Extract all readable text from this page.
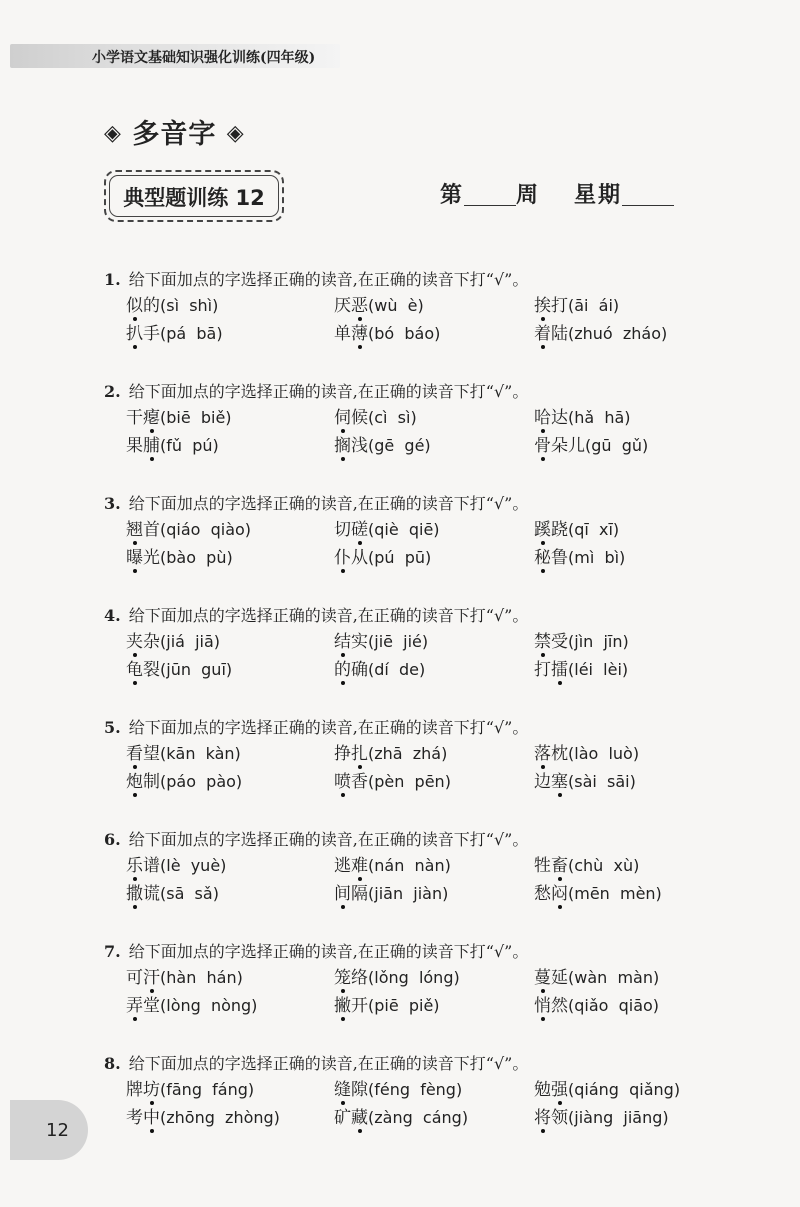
小学语文基础知识强化训练(四年级)
◈ 多音字 ◈
典型题训练 12	第 周 星期
1. 给下面加点的字选择正确的读音,在正确的读音下打“√”。
似的(sì  shì)	厌恶(wù  è)	挨打(āi  ái)
扒手(pá  bā)	单薄(bó  báo)	着陆(zhuó  zháo)
2. 给下面加点的字选择正确的读音,在正确的读音下打“√”。
干瘪(biē  biě)	伺候(cì  sì)	哈达(hǎ  hā)
果脯(fǔ  pú)	搁浅(gē  gé)	骨朵儿(gū  gǔ)
3. 给下面加点的字选择正确的读音,在正确的读音下打“√”。
翘首(qiáo  qiào)	切磋(qiè  qiē)	蹊跷(qī  xī)
曝光(bào  pù)	仆从(pú  pū)	秘鲁(mì  bì)
4. 给下面加点的字选择正确的读音,在正确的读音下打“√”。
夹杂(jiá  jiā)	结实(jiē  jié)	禁受(jìn  jīn)
龟裂(jūn  guī)	的确(dí  de)	打擂(léi  lèi)
5. 给下面加点的字选择正确的读音,在正确的读音下打“√”。
看望(kān  kàn)	挣扎(zhā  zhá)	落枕(lào  luò)
炮制(páo  pào)	喷香(pèn  pēn)	边塞(sài  sāi)
6. 给下面加点的字选择正确的读音,在正确的读音下打“√”。
乐谱(lè  yuè)	逃难(nán  nàn)	牲畜(chù  xù)
撒谎(sā  sǎ)	间隔(jiān  jiàn)	愁闷(mēn  mèn)
7. 给下面加点的字选择正确的读音,在正确的读音下打“√”。
可汗(hàn  hán)	笼络(lǒng  lóng)	蔓延(wàn  màn)
弄堂(lòng  nòng)	撇开(piē  piě)	悄然(qiǎo  qiāo)
8. 给下面加点的字选择正确的读音,在正确的读音下打“√”。
牌坊(fāng  fáng)	缝隙(féng  fèng)	勉强(qiáng  qiǎng)
考中(zhōng  zhòng)	矿藏(zàng  cáng)	将领(jiàng  jiāng)
12
